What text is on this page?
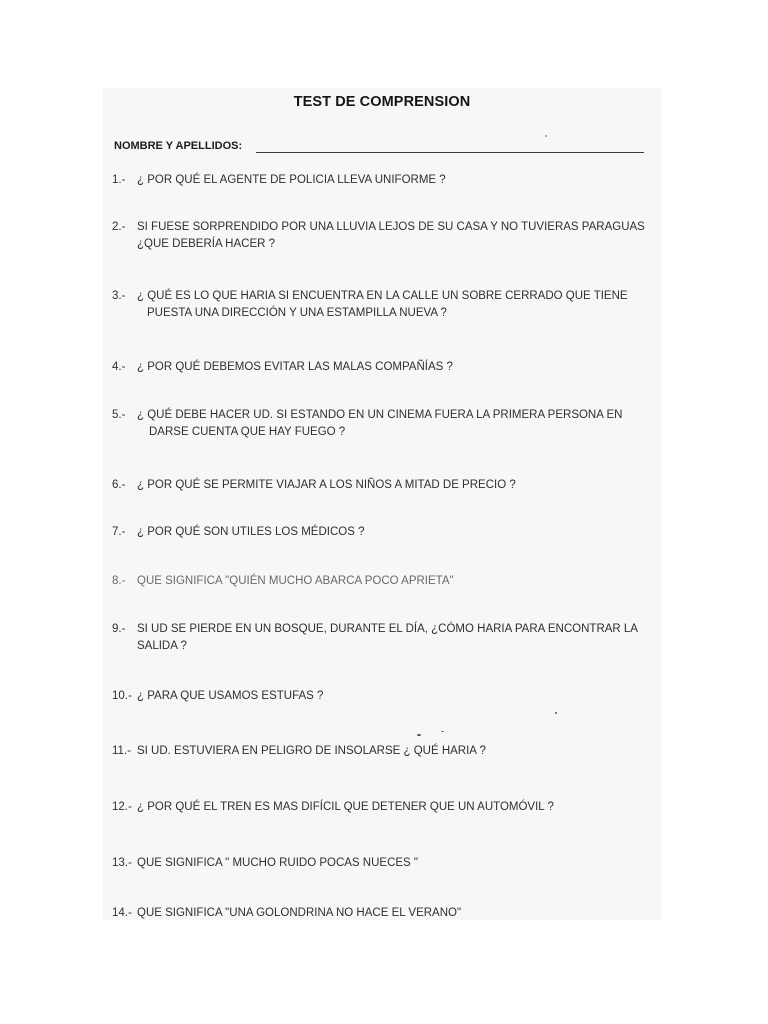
TEST DE COMPRENSION
NOMBRE Y APELLIDOS:
1.- ¿ POR QUÉ EL AGENTE DE POLICIA LLEVA UNIFORME ?
2.- SI FUESE SORPRENDIDO POR UNA LLUVIA LEJOS DE SU CASA Y NO TUVIERAS PARAGUAS
¿QUE DEBERÍA HACER ?
3.- ¿ QUÉ ES LO QUE HARIA SI ENCUENTRA EN LA CALLE UN SOBRE CERRADO QUE TIENE
PUESTA UNA DIRECCIÓN Y UNA ESTAMPILLA NUEVA ?
4.- ¿ POR QUÉ DEBEMOS EVITAR LAS MALAS COMPAÑÍAS ?
5.- ¿ QUÉ DEBE HACER UD. SI ESTANDO EN UN CINEMA FUERA LA PRIMERA PERSONA EN
DARSE CUENTA QUE HAY FUEGO ?
6.- ¿ POR QUÉ SE PERMITE VIAJAR A LOS NIÑOS A MITAD DE PRECIO ?
7.- ¿ POR QUÉ SON UTILES LOS MÉDICOS ?
8.- QUE SIGNIFICA "QUIÉN MUCHO ABARCA POCO APRIETA"
9.- SI UD SE PIERDE EN UN BOSQUE, DURANTE EL DÍA, ¿CÓMO HARIA PARA ENCONTRAR LA
SALIDA ?
10.- ¿ PARA QUE USAMOS ESTUFAS ?
11.- SI UD. ESTUVIERA EN PELIGRO DE INSOLARSE ¿ QUÉ HARIA ?
12.- ¿ POR QUÉ EL TREN ES MAS DIFÍCIL QUE DETENER QUE UN AUTOMÓVIL ?
13.- QUE SIGNIFICA " MUCHO RUIDO POCAS NUECES "
14.- QUE SIGNIFICA "UNA GOLONDRINA NO HACE EL VERANO"
